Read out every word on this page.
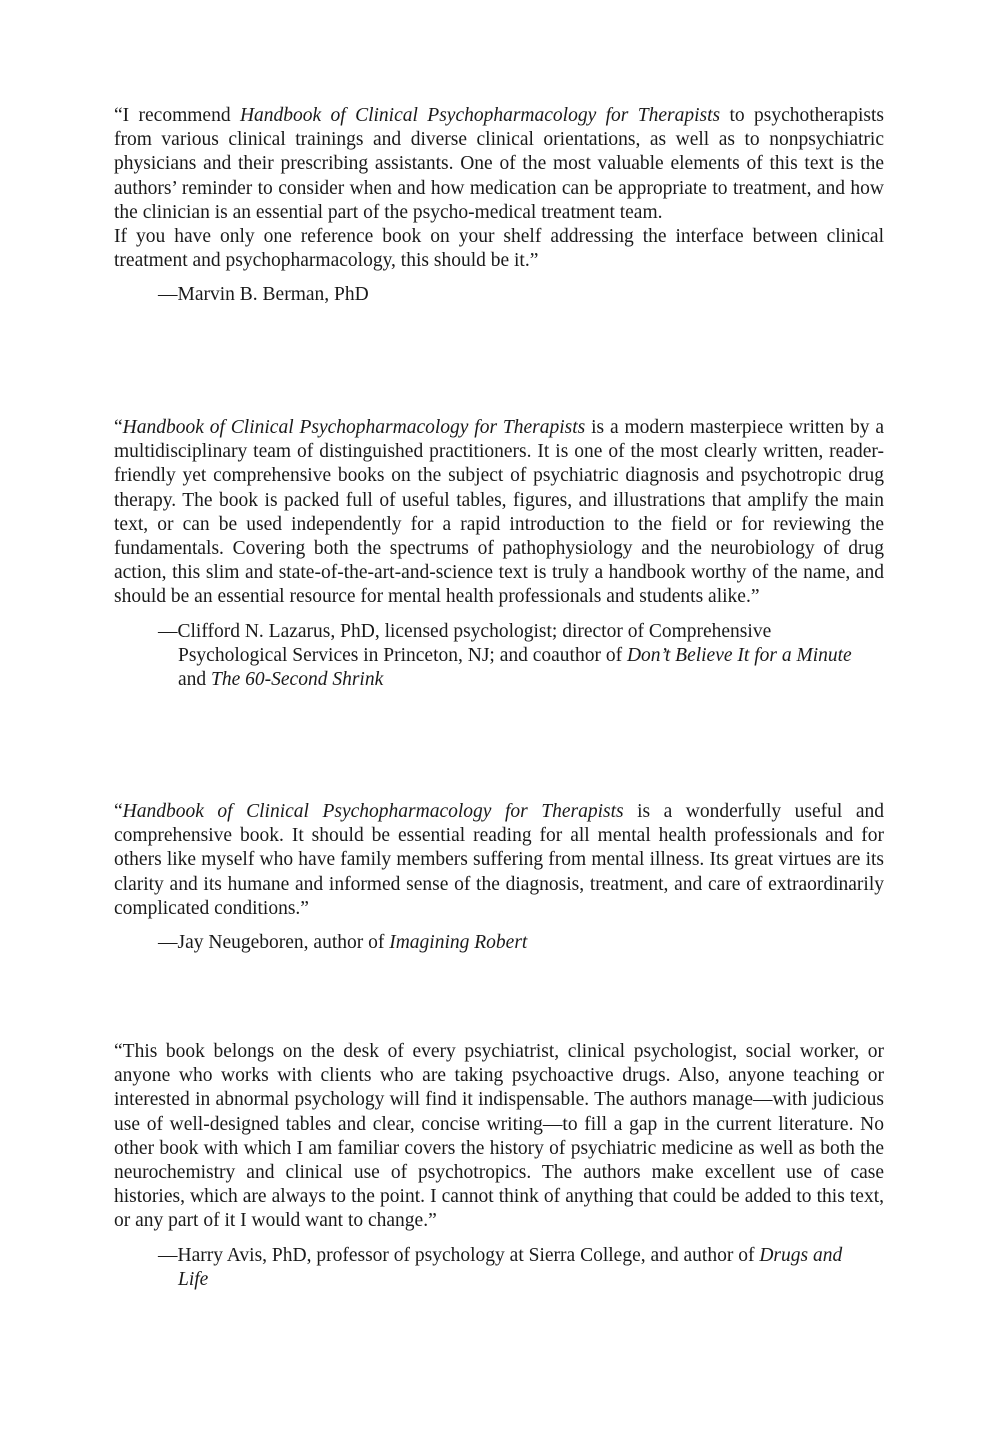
“I recommend Handbook of Clinical Psychopharmacology for Therapists to psychotherapists from various clinical trainings and diverse clinical orientations, as well as to nonpsychiatric physicians and their prescribing assistants. One of the most valuable elements of this text is the authors’ reminder to consider when and how medication can be appropriate to treatment, and how the clinician is an essential part of the psycho-medical treatment team.

If you have only one reference book on your shelf addressing the interface between clinical treatment and psychopharmacology, this should be it.”

—Marvin B. Berman, PhD

“Handbook of Clinical Psychopharmacology for Therapists is a modern masterpiece written by a multidisciplinary team of distinguished practitioners. It is one of the most clearly written, reader-friendly yet comprehensive books on the subject of psychiatric diagnosis and psychotropic drug therapy. The book is packed full of useful tables, figures, and illustrations that amplify the main text, or can be used independently for a rapid introduction to the field or for reviewing the fundamentals. Covering both the spectrums of pathophysiology and the neurobiology of drug action, this slim and state-of-the-art-and-science text is truly a handbook worthy of the name, and should be an essential resource for mental health professionals and students alike.”

—Clifford N. Lazarus, PhD, licensed psychologist; director of Comprehensive Psychological Services in Princeton, NJ; and coauthor of Don’t Believe It for a Minute and The 60-Second Shrink

“Handbook of Clinical Psychopharmacology for Therapists is a wonderfully useful and comprehensive book. It should be essential reading for all mental health professionals and for others like myself who have family members suffering from mental illness. Its great virtues are its clarity and its humane and informed sense of the diagnosis, treatment, and care of extraordinarily complicated conditions.”

—Jay Neugeboren, author of Imagining Robert

“This book belongs on the desk of every psychiatrist, clinical psychologist, social worker, or anyone who works with clients who are taking psychoactive drugs. Also, anyone teaching or interested in abnormal psychology will find it indispensable. The authors manage—with judicious use of well-designed tables and clear, concise writing—to fill a gap in the current literature. No other book with which I am familiar covers the history of psychiatric medicine as well as both the neurochemistry and clinical use of psychotropics. The authors make excellent use of case histories, which are always to the point. I cannot think of anything that could be added to this text, or any part of it I would want to change.”

—Harry Avis, PhD, professor of psychology at Sierra College, and author of Drugs and Life
